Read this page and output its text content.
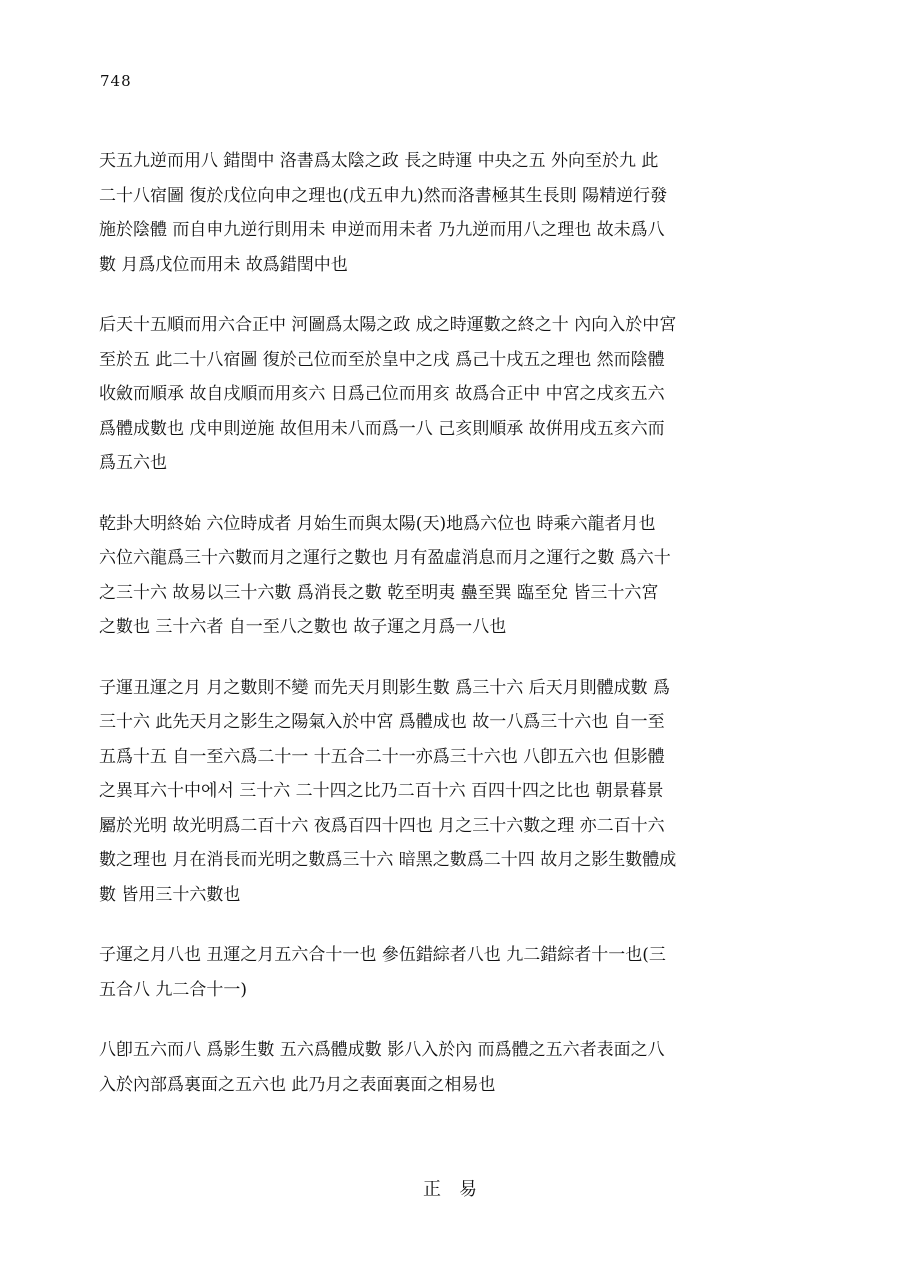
748
天五九逆而用八 錯閏中 洛書爲太陰之政 長之時運 中央之五 外向至於九 此
二十八宿圖 復於戊位向申之理也(戊五申九)然而洛書極其生長則 陽精逆行發
施於陰體 而自申九逆行則用未 申逆而用未者 乃九逆而用八之理也 故未爲八
數 月爲戊位而用未 故爲錯閏中也
后天十五順而用六合正中 河圖爲太陽之政 成之時運數之終之十 內向入於中宮
至於五 此二十八宿圖 復於己位而至於皇中之戌 爲己十戌五之理也 然而陰體
收斂而順承 故自戌順而用亥六 日爲己位而用亥 故爲合正中 中宮之戌亥五六
爲體成數也 戊申則逆施 故但用未八而爲一八 己亥則順承 故倂用戌五亥六而
爲五六也
乾卦大明終始 六位時成者 月始生而與太陽(天)地爲六位也 時乘六龍者月也
六位六龍爲三十六數而月之運行之數也 月有盈虛消息而月之運行之數 爲六十
之三十六 故易以三十六數 爲消長之數 乾至明夷 蠱至巽 臨至兌 皆三十六宮
之數也 三十六者 自一至八之數也 故子運之月爲一八也
子運丑運之月 月之數則不變 而先天月則影生數 爲三十六 后天月則體成數 爲
三十六 此先天月之影生之陽氣入於中宮 爲體成也 故一八爲三十六也 自一至
五爲十五 自一至六爲二十一 十五合二十一亦爲三十六也 八卽五六也 但影體
之異耳六十中에서 三十六 二十四之比乃二百十六 百四十四之比也 朝景暮景
屬於光明 故光明爲二百十六 夜爲百四十四也 月之三十六數之理 亦二百十六
數之理也 月在消長而光明之數爲三十六 暗黑之數爲二十四 故月之影生數體成
數 皆用三十六數也
子運之月八也 丑運之月五六合十一也 參伍錯綜者八也 九二錯綜者十一也(三
五合八 九二合十一)
八卽五六而八 爲影生數 五六爲體成數 影八入於內 而爲體之五六者表面之八
入於內部爲裏面之五六也 此乃月之表面裏面之相易也
正易
